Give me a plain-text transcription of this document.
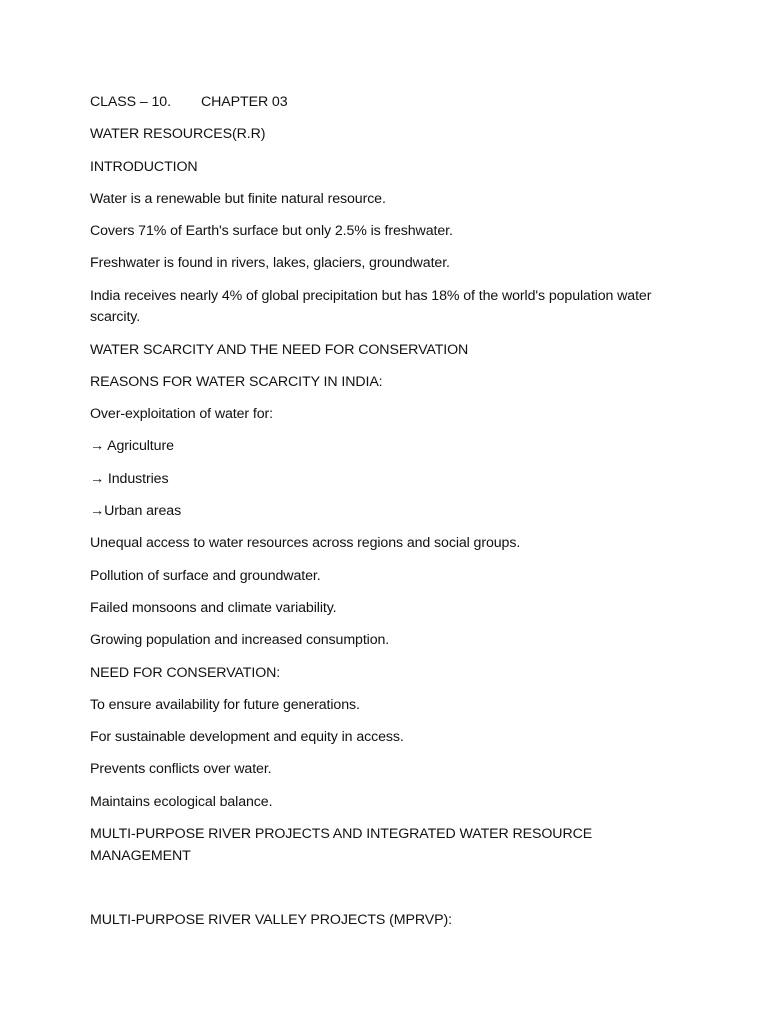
CLASS – 10. CHAPTER 03

WATER RESOURCES(R.R)

INTRODUCTION

Water is a renewable but finite natural resource.

Covers 71% of Earth's surface but only 2.5% is freshwater.

Freshwater is found in rivers, lakes, glaciers, groundwater.

India receives nearly 4% of global precipitation but has 18% of the world's population water scarcity.

WATER SCARCITY AND THE NEED FOR CONSERVATION

REASONS FOR WATER SCARCITY IN INDIA:

Over-exploitation of water for:

→ Agriculture

→ Industries

→Urban areas

Unequal access to water resources across regions and social groups.

Pollution of surface and groundwater.

Failed monsoons and climate variability.

Growing population and increased consumption.

NEED FOR CONSERVATION:

To ensure availability for future generations.

For sustainable development and equity in access.

Prevents conflicts over water.

Maintains ecological balance.

MULTI-PURPOSE RIVER PROJECTS AND INTEGRATED WATER RESOURCE MANAGEMENT

MULTI-PURPOSE RIVER VALLEY PROJECTS (MPRVP):
